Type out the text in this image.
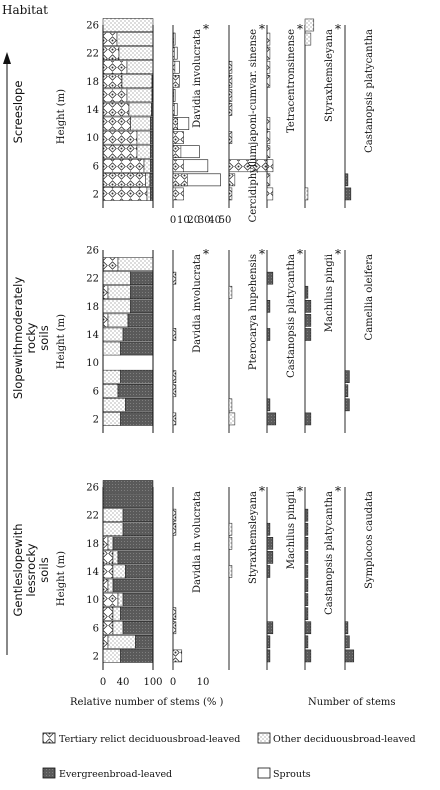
Habitat
Screeslope	Height (m)
2
6
10
14
18
22
26
Davidia involucrata *	Cercidiphyllumjaponi-cumvar. sinense * Tetracentronsinense * Styraxhemsleyana * Castanopsis platycantha
0 10
20
30
40
50
Slopewithmoderately rocky soils Height (m)
2
6
10
14
18
22
26
Davidia involucrata *	Pterocarya hupehensis * Castanopsis platycantha * Machilus pingii * Camellia oleifera
Gentleslopewith lessrocky soils Height (m)
2
6
10
14
18
22
26
Davidia in volucrata	Styraxhemsleyana * Machilus pingii * Castanopsis platycantha * Symplocos caudata
0 10
0 40 100
Relative number of stems (% )	Number of stems
Tertiary relict deciduousbroad-leaved	Other deciduousbroad-leaved
Evergreenbroad-leaved	Sprouts
